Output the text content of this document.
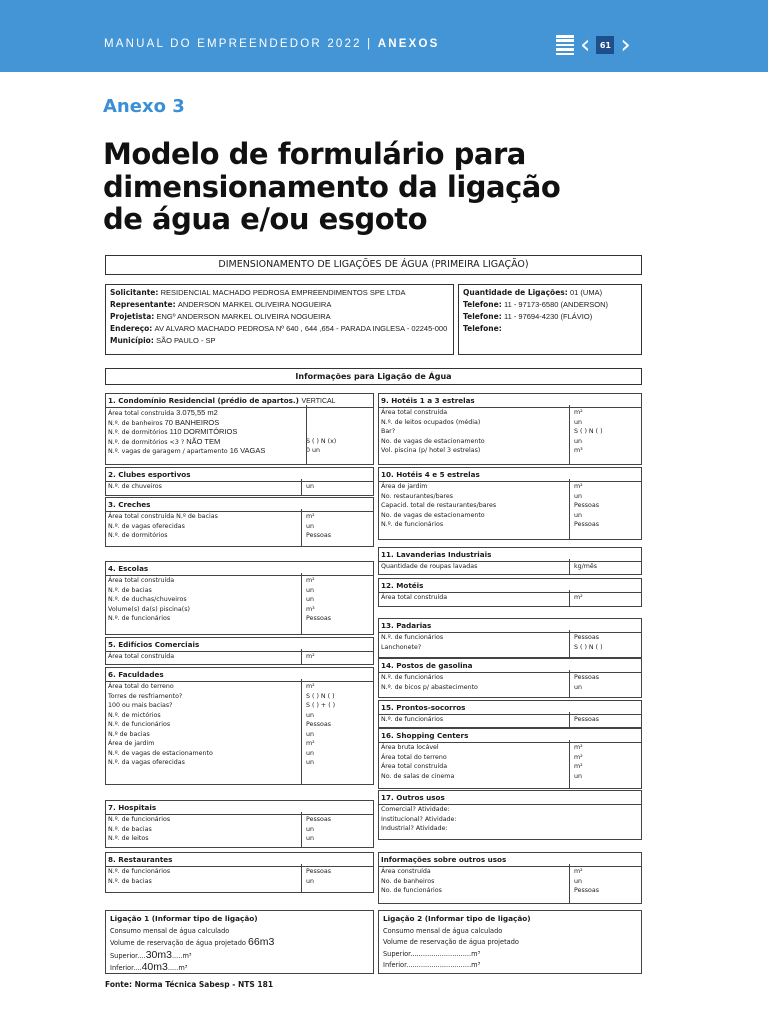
MANUAL DO EMPREENDEDOR 2022 | ANEXOS	‹	61 ›
Anexo 3
Modelo de formulário para
dimensionamento da ligação
de água e/ou esgoto
DIMENSIONAMENTO DE LIGAÇÕES DE ÁGUA (PRIMEIRA LIGAÇÃO)
Solicitante: RESIDENCIAL MACHADO PEDROSA EMPREENDIMENTOS SPE LTDA
Representante: ANDERSON MARKEL OLIVEIRA NOGUEIRA
Projetista: ENGº ANDERSON MARKEL OLIVEIRA NOGUEIRA
Endereço: AV ALVARO MACHADO PEDROSA Nº 640 , 644 ,654 - PARADA INGLESA - 02245-000
Município: SÃO PAULO - SP
Quantidade de Ligações: 01 (UMA)
Telefone: 11 - 97173-6580 (ANDERSON)
Telefone: 11 - 97694-4230 (FLÁVIO)
Telefone:
Informações para Ligação de Água
1. Condomínio Residencial (prédio de apartos.) VERTICAL
Área total construída 3.075,55 m2
N.º. de banheiros 70 BANHEIROS
N.º. de dormitórios 110 DORMITÓRIOS
N.º. de dormitórios <3 ? NÃO TEM	S ( ) N (x)
N.º. vagas de garagem / apartamento 16 VAGAS	0 un
2. Clubes esportivos
N.º. de chuveiros	un
3. Creches
Área total construída N.º de bacias	m²
N.º. de vagas oferecidas	un
N.º. de dormitórios	Pessoas
4. Escolas
Área total construída	m²
N.º. de bacias	un
N.º. de duchas/chuveiros	un
Volume(s) da(s) piscina(s)	m³
N.º. de funcionários	Pessoas
5. Edifícios Comerciais
Área total construída	m²
6. Faculdades
Área total do terreno	m²
Torres de resfriamento?	S ( ) N ( )
100 ou mais bacias?	S ( ) + ( )
N.º. de mictórios	un
N.º. de funcionários	Pessoas
N.º de bacias	un
Área de jardim	m²
N.º. de vagas de estacionamento	un
N.º. da vagas oferecidas	un
7. Hospitais
N.º. de funcionários	Pessoas
N.º. de bacias	un
N.º. de leitos	un
8. Restaurantes
N.º. de funcionários	Pessoas
N.º. de bacias	un
9. Hotéis 1 a 3 estrelas
Área total construída	m²
N.º. de leitos ocupados (média)	un
Bar?	S ( ) N ( )
No. de vagas de estacionamento	un
Vol. piscina (p/ hotel 3 estrelas)	m³
10. Hotéis 4 e 5 estrelas
Área de jardim	m²
No. restaurantes/bares	un
Capacid. total de restaurantes/bares	Pessoas
No. de vagas de estacionamento	un
N.º. de funcionários	Pessoas
11. Lavanderias Industriais
Quantidade de roupas lavadas	kg/mês
12. Motéis
Área total construída	m²
13. Padarias
N.º. de funcionários	Pessoas
Lanchonete?	S ( ) N ( )
14. Postos de gasolina
N.º. de funcionários	Pessoas
N.º. de bicos p/ abastecimento	un
15. Prontos-socorros
N.º. de funcionários	Pessoas
16. Shopping Centers
Área bruta locável	m²
Área total do terreno	m²
Área total construída	m²
No. de salas de cinema	un
17. Outros usos
Comercial? Atividade:
Institucional? Atividade:
Industrial? Atividade:
Informações sobre outros usos
Área construída	m²
No. de banheiros	un
No. de funcionários	Pessoas
Ligação 1 (Informar tipo de ligação)
Consumo mensal de água calculado
Volume de reservação de água projetado 66m3
Superior....30m3.....m³
Inferior....40m3.....m³
Ligação 2 (Informar tipo de ligação)
Consumo mensal de água calculado
Volume de reservação de água projetado
Superior.............................m³
Inferior...............................m³
Fonte: Norma Técnica Sabesp - NTS 181
